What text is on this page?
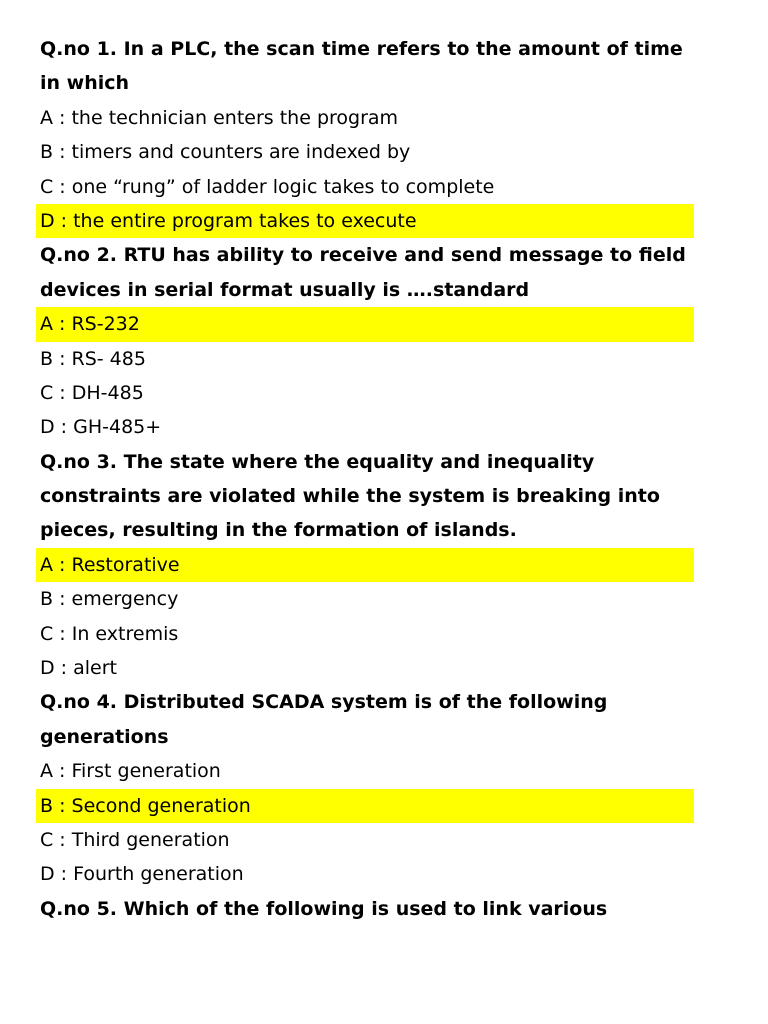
Q.no 1. In a PLC, the scan time refers to the amount of time
in which
A : the technician enters the program
B : timers and counters are indexed by
C : one “rung” of ladder logic takes to complete
D : the entire program takes to execute
Q.no 2. RTU has ability to receive and send message to field
devices in serial format usually is ….standard
A : RS-232
B : RS- 485
C : DH-485
D : GH-485+
Q.no 3. The state where the equality and inequality
constraints are violated while the system is breaking into
pieces, resulting in the formation of islands.
A : Restorative
B : emergency
C : In extremis
D : alert
Q.no 4. Distributed SCADA system is of the following
generations
A : First generation
B : Second generation
C : Third generation
D : Fourth generation
Q.no 5. Which of the following is used to link various
